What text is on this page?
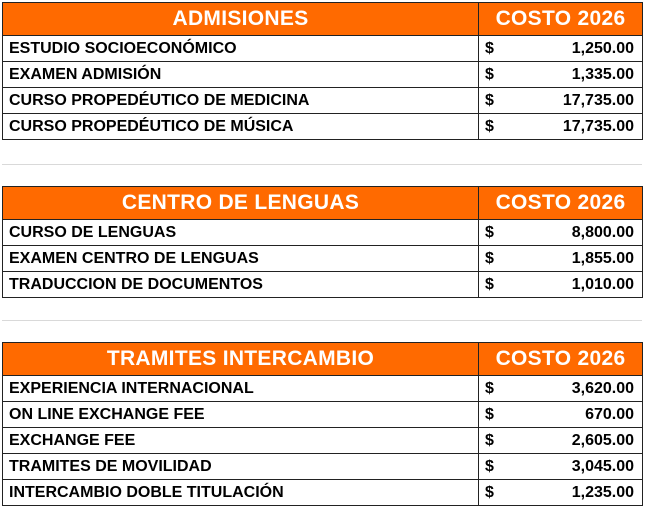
ADMISIONES	COSTO 2026	
ESTUDIO SOCIOECONÓMICO	$	1,250.00
EXAMEN ADMISIÓN	$	1,335.00
CURSO PROPEDÉUTICO DE MEDICINA	$	17,735.00
CURSO PROPEDÉUTICO DE MÚSICA	$	17,735.00
CENTRO DE LENGUAS	COSTO 2026	
CURSO DE LENGUAS	$	8,800.00
EXAMEN CENTRO DE LENGUAS	$	1,855.00
TRADUCCION DE DOCUMENTOS	$	1,010.00
TRAMITES INTERCAMBIO	COSTO 2026	
EXPERIENCIA INTERNACIONAL	$	3,620.00
ON LINE EXCHANGE FEE	$	670.00
EXCHANGE FEE	$	2,605.00
TRAMITES DE MOVILIDAD	$	3,045.00
INTERCAMBIO DOBLE TITULACIÓN	$	1,235.00
